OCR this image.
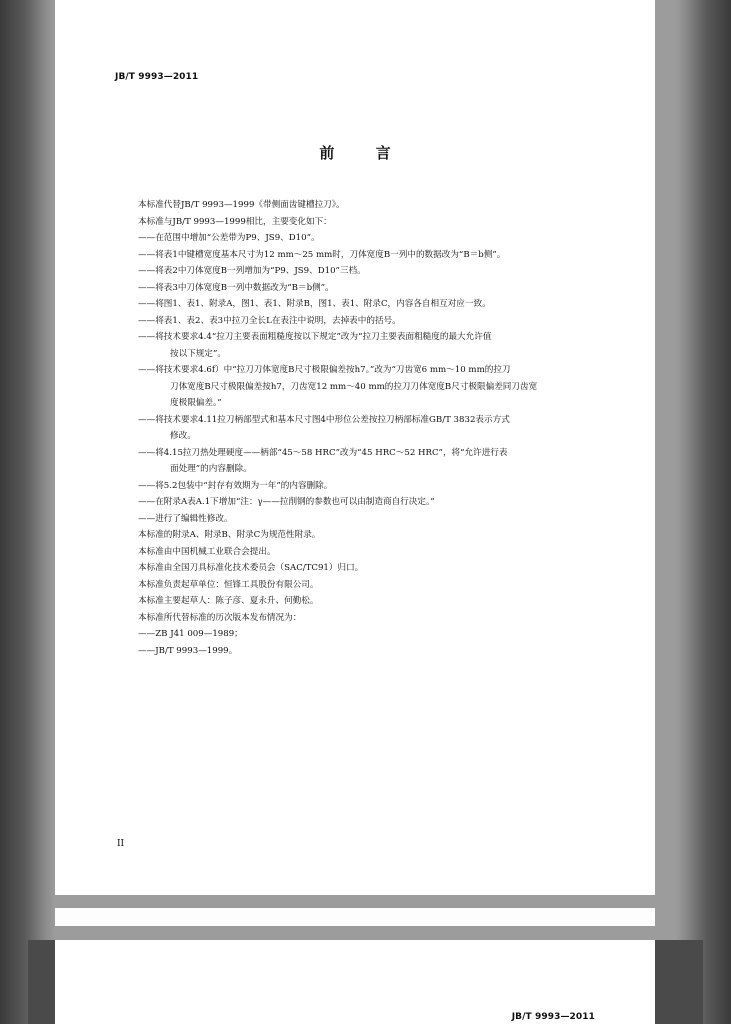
JB/T 9993—2011
前 言
本标准代替JB/T 9993—1999《带侧面齿键槽拉刀》。
本标准与JB/T 9993—1999相比，主要变化如下：
——在范围中增加“公差带为P9、JS9、D10”。
——将表1中键槽宽度基本尺寸为12 mm～25 mm时，刀体宽度B一列中的数据改为“B＝b侧”。
——将表2中刀体宽度B一列增加为“P9、JS9、D10”三档。
——将表3中刀体宽度B一列中数据改为“B＝b侧”。
——将图1、表1、附录A，图1、表1、附录B，图1、表1、附录C，内容各自相互对应一致。
——将表1、表2、表3中拉刀全长L在表注中说明，去掉表中的括号。
——将技术要求4.4“拉刀主要表面粗糙度按以下规定”改为“拉刀主要表面粗糙度的最大允许值
按以下规定”。
——将技术要求4.6f）中“拉刀刀体宽度B尺寸极限偏差按h7。”改为“刀齿宽6 mm～10 mm的拉刀
刀体宽度B尺寸极限偏差按h7，刀齿宽12 mm～40 mm的拉刀刀体宽度B尺寸极限偏差同刀齿宽
度极限偏差。”
——将技术要求4.11拉刀柄部型式和基本尺寸图4中形位公差按拉刀柄部标准GB/T 3832表示方式
修改。
——将4.15拉刀热处理硬度——柄部“45～58 HRC”改为“45 HRC～52 HRC”，将“允许进行表
面处理”的内容删除。
——将5.2包装中“封存有效期为一年”的内容删除。
——在附录A表A.1下增加“注：γ——拉削钢的参数也可以由制造商自行决定。”
——进行了编辑性修改。
本标准的附录A、附录B、附录C为规范性附录。
本标准由中国机械工业联合会提出。
本标准由全国刀具标准化技术委员会（SAC/TC91）归口。
本标准负责起草单位：恒锋工具股份有限公司。
本标准主要起草人：陈子彦、夏永升、何勤松。
本标准所代替标准的历次版本发布情况为：
——ZB J41 009—1989；
——JB/T 9993—1999。
II
JB/T 9993—2011
